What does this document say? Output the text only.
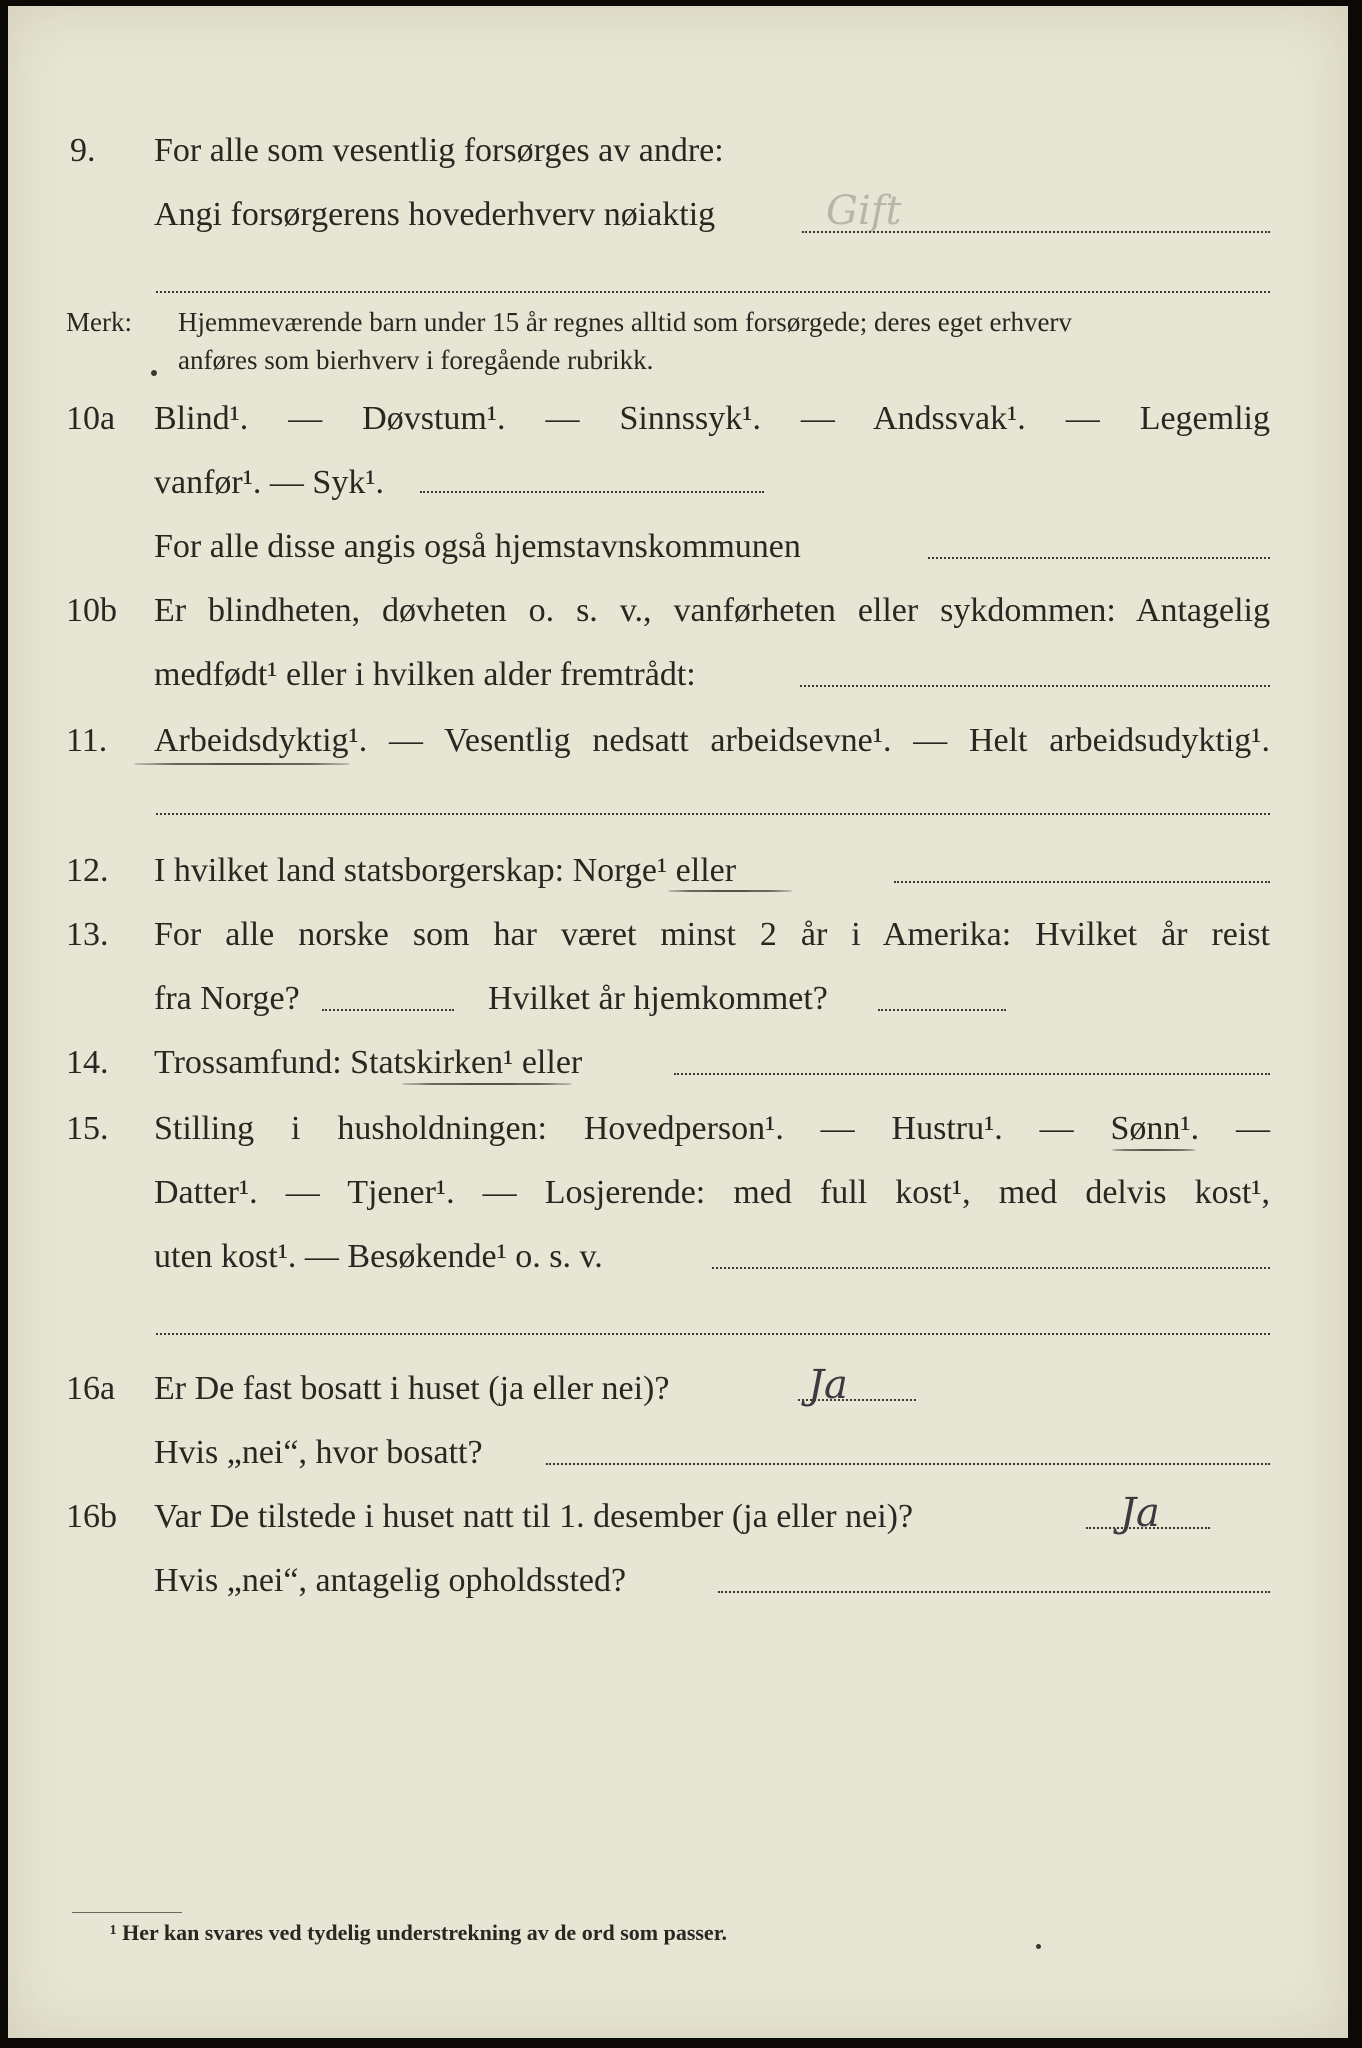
9. For alle som vesentlig forsørges av andre:
Angi forsørgerens hovederhverv nøiaktig	Gift
Merk: Hjemmeværende barn under 15 år regnes alltid som forsørgede; deres eget erhverv
anføres som bierhverv i foregående rubrikk.
10a Blind¹. — Døvstum¹. — Sinnssyk¹. — Andssvak¹. — Legemlig
vanfør¹. — Syk¹.
For alle disse angis også hjemstavnskommunen
10b Er blindheten, døvheten o. s. v., vanførheten eller sykdommen: Antagelig
medfødt¹ eller i hvilken alder fremtrådt:
11. Arbeidsdyktig¹. — Vesentlig nedsatt arbeidsevne¹. — Helt arbeidsudyktig¹.
12. I hvilket land statsborgerskap: Norge¹ eller
13. For alle norske som har været minst 2 år i Amerika: Hvilket år reist
fra Norge?	Hvilket år hjemkommet?
14. Trossamfund: Statskirken¹ eller
15. Stilling i husholdningen: Hovedperson¹. — Hustru¹. — Sønn¹. —
Datter¹. — Tjener¹. — Losjerende: med full kost¹, med delvis kost¹,
uten kost¹. — Besøkende¹ o. s. v.
16a Er De fast bosatt i huset (ja eller nei)?	Ja
Hvis „nei“, hvor bosatt?
16b Var De tilstede i huset natt til 1. desember (ja eller nei)?	Ja
Hvis „nei“, antagelig opholdssted?
¹ Her kan svares ved tydelig understrekning av de ord som passer.
